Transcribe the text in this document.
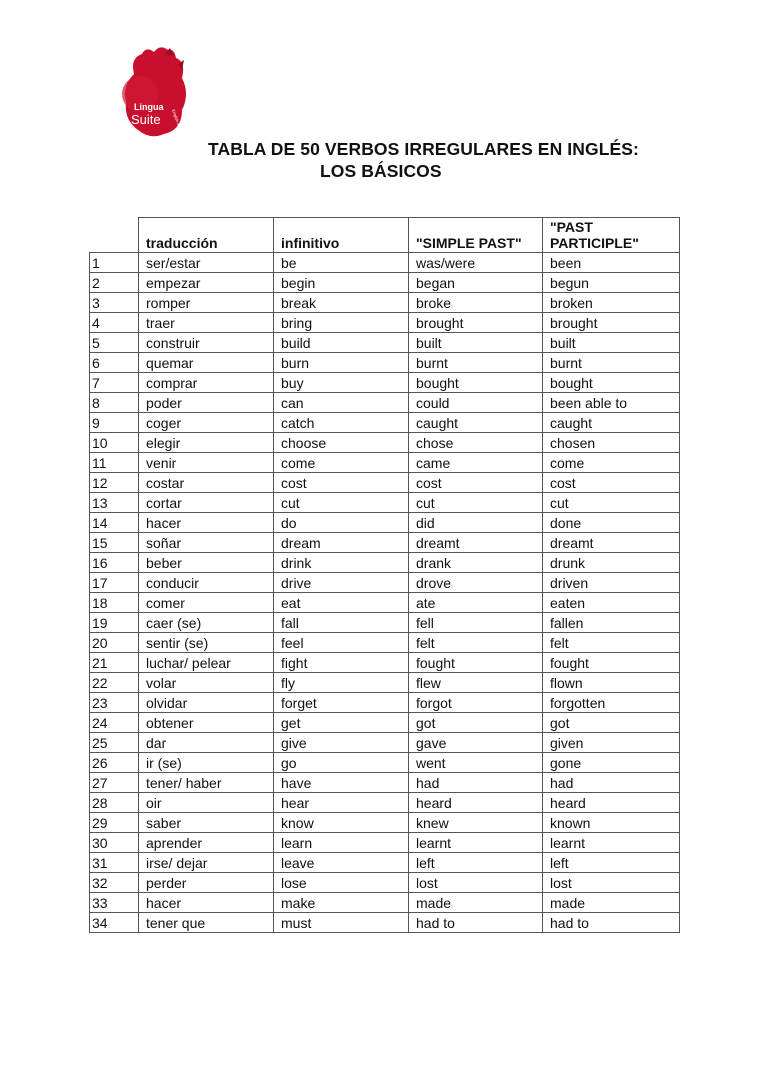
Lingua
Suite	English & You
TABLA DE 50 VERBOS IRREGULARES EN INGLÉS:
LOS BÁSICOS
	traducción	infinitivo	"SIMPLE PAST"	"PAST PARTICIPLE"
1	ser/estar	be	was/were	been
2	empezar	begin	began	begun
3	romper	break	broke	broken
4	traer	bring	brought	brought
5	construir	build	built	built
6	quemar	burn	burnt	burnt
7	comprar	buy	bought	bought
8	poder	can	could	been able to
9	coger	catch	caught	caught
10	elegir	choose	chose	chosen
11	venir	come	came	come
12	costar	cost	cost	cost
13	cortar	cut	cut	cut
14	hacer	do	did	done
15	soñar	dream	dreamt	dreamt
16	beber	drink	drank	drunk
17	conducir	drive	drove	driven
18	comer	eat	ate	eaten
19	caer (se)	fall	fell	fallen
20	sentir (se)	feel	felt	felt
21	luchar/ pelear	fight	fought	fought
22	volar	fly	flew	flown
23	olvidar	forget	forgot	forgotten
24	obtener	get	got	got
25	dar	give	gave	given
26	ir (se)	go	went	gone
27	tener/ haber	have	had	had
28	oir	hear	heard	heard
29	saber	know	knew	known
30	aprender	learn	learnt	learnt
31	irse/ dejar	leave	left	left
32	perder	lose	lost	lost
33	hacer	make	made	made
34	tener que	must	had to	had to
